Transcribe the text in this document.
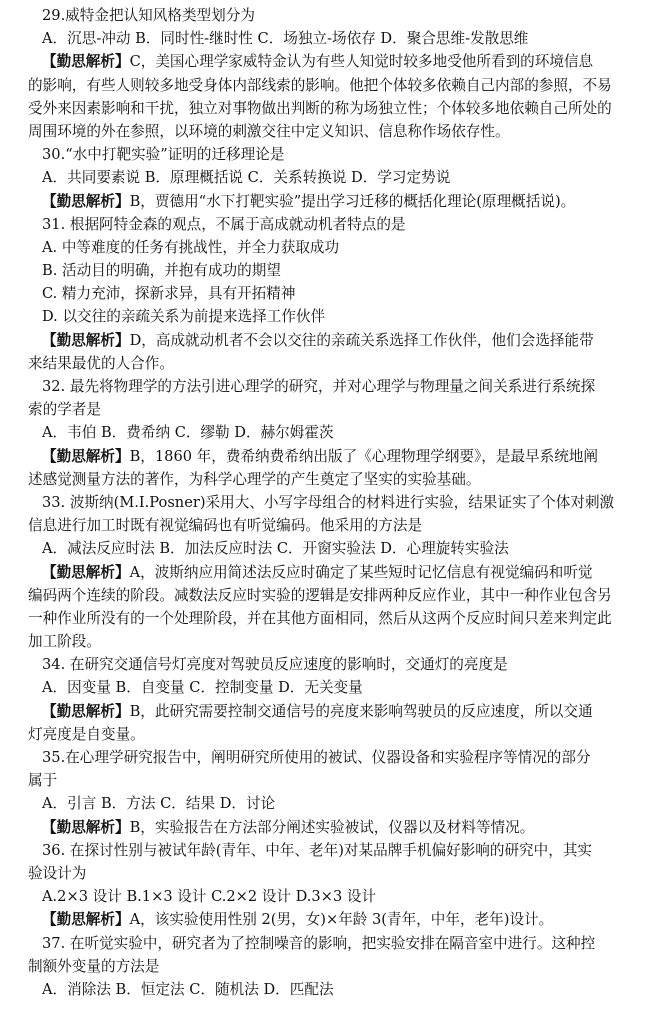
29.威特金把认知风格类型划分为
A．沉思-冲动 B．同时性-继时性 C．场独立-场依存 D．聚合思维-发散思维
【勤思解析】C，美国心理学家威特金认为有些人知觉时较多地受他所看到的环境信息
的影响，有些人则较多地受身体内部线索的影响。他把个体较多依赖自己内部的参照，不易
受外来因素影响和干扰，独立对事物做出判断的称为场独立性；个体较多地依赖自己所处的
周围环境的外在参照，以环境的刺激交往中定义知识、信息称作场依存性。
30.“水中打靶实验”证明的迁移理论是
A．共同要素说 B．原理概括说 C．关系转换说 D．学习定势说
【勤思解析】B，贾德用“水下打靶实验”提出学习迁移的概括化理论(原理概括说)。
31. 根据阿特金森的观点，不属于高成就动机者特点的是
A. 中等难度的任务有挑战性，并全力获取成功
B. 活动目的明确，并抱有成功的期望
C. 精力充沛，探新求异，具有开拓精神
D. 以交往的亲疏关系为前提来选择工作伙伴
【勤思解析】D，高成就动机者不会以交往的亲疏关系选择工作伙伴，他们会选择能带
来结果最优的人合作。
32. 最先将物理学的方法引进心理学的研究，并对心理学与物理量之间关系进行系统探
索的学者是
A．韦伯 B．费希纳 C．缪勒 D．赫尔姆霍茨
【勤思解析】B，1860 年，费希纳费希纳出版了《心理物理学纲要》，是最早系统地阐
述感觉测量方法的著作，为科学心理学的产生奠定了坚实的实验基础。
33. 波斯纳(M.I.Posner)采用大、小写字母组合的材料进行实验，结果证实了个体对刺激
信息进行加工时既有视觉编码也有听觉编码。他采用的方法是
A．减法反应时法 B．加法反应时法 C．开窗实验法 D．心理旋转实验法
【勤思解析】A，波斯纳应用简述法反应时确定了某些短时记忆信息有视觉编码和听觉
编码两个连续的阶段。减数法反应时实验的逻辑是安排两种反应作业，其中一种作业包含另
一种作业所没有的一个处理阶段，并在其他方面相同，然后从这两个反应时间只差来判定此
加工阶段。
34. 在研究交通信号灯亮度对驾驶员反应速度的影响时，交通灯的亮度是
A．因变量 B．自变量 C．控制变量 D．无关变量
【勤思解析】B，此研究需要控制交通信号的亮度来影响驾驶员的反应速度，所以交通
灯亮度是自变量。
35.在心理学研究报告中，阐明研究所使用的被试、仪器设备和实验程序等情况的部分
属于
A．引言 B．方法 C．结果 D．讨论
【勤思解析】B，实验报告在方法部分阐述实验被试，仪器以及材料等情况。
36. 在探讨性别与被试年龄(青年、中年、老年)对某品牌手机偏好影响的研究中，其实
验设计为
A.2×3 设计 B.1×3 设计 C.2×2 设计 D.3×3 设计
【勤思解析】A，该实验使用性别 2(男，女)×年龄 3(青年，中年，老年)设计。
37. 在听觉实验中，研究者为了控制噪音的影响，把实验安排在隔音室中进行。这种控
制额外变量的方法是
A．消除法 B．恒定法 C．随机法 D．匹配法
